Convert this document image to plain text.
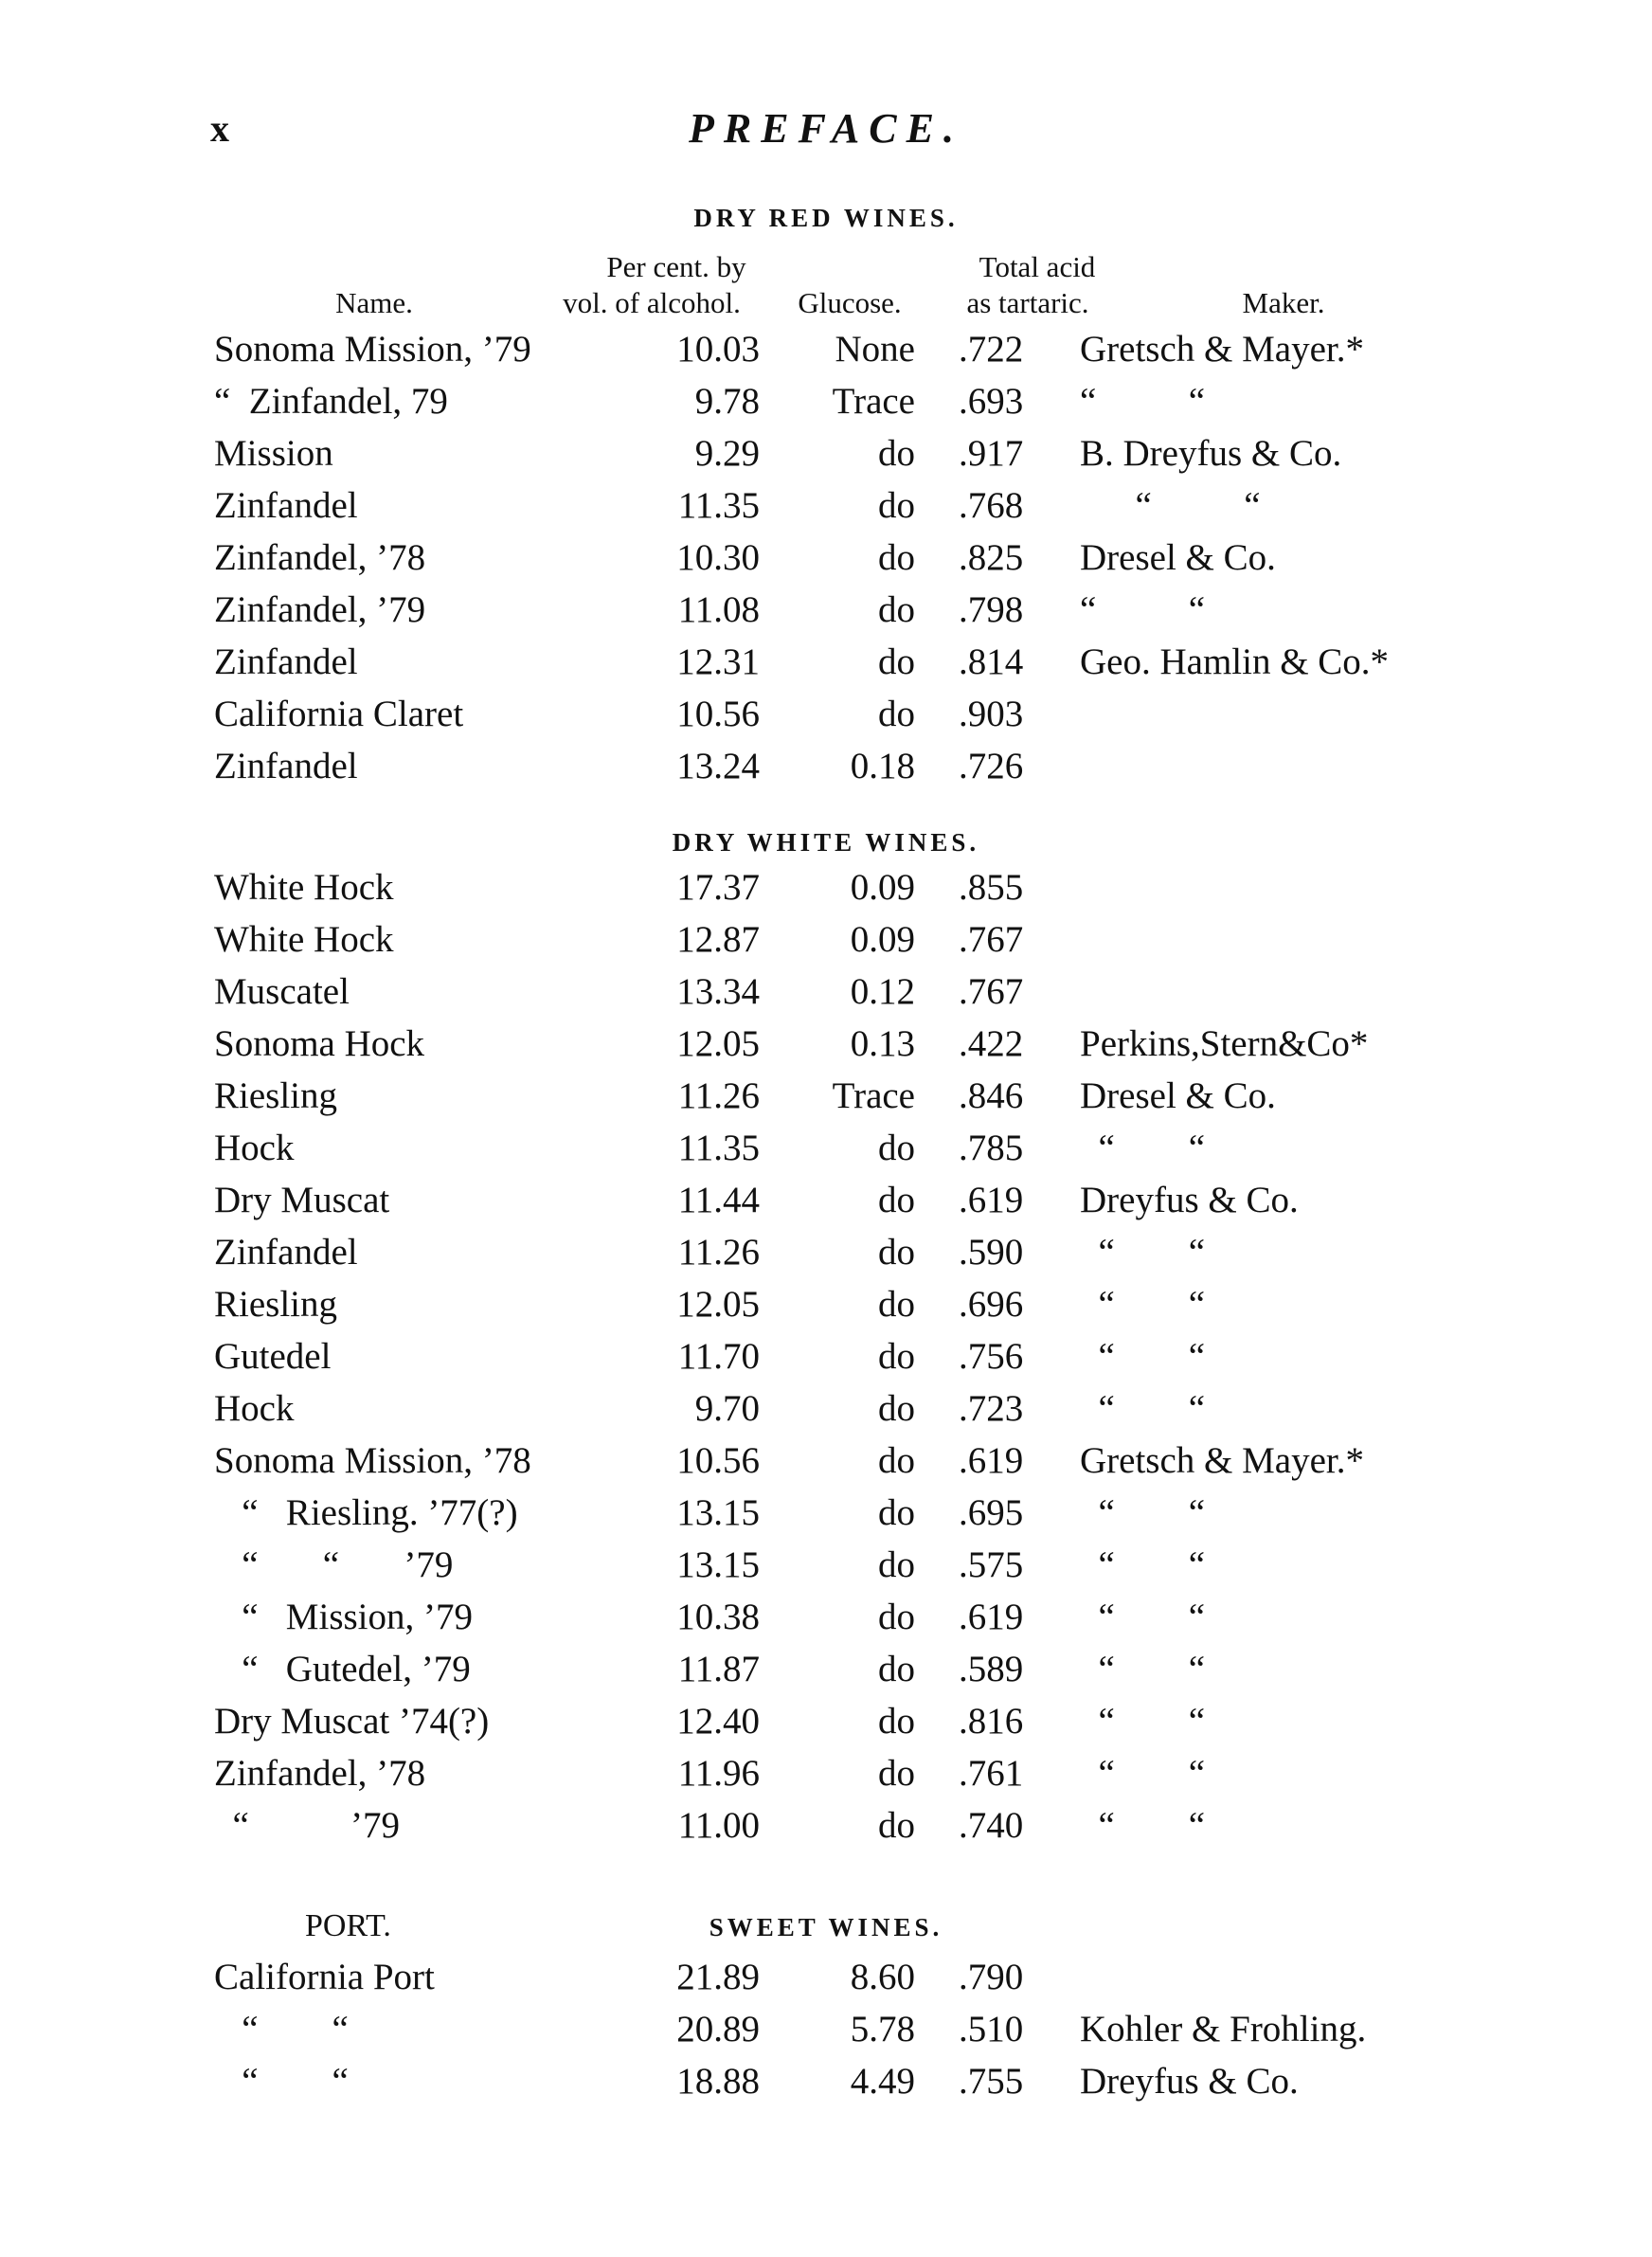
x	PREFACE.
DRY RED WINES.
Per cent. by	Total acid
Name.	vol. of alcohol.	Glucose.	as tartaric.	Maker.
Sonoma Mission, ’79	10.03 None .722 Gretsch & Mayer.*
“  Zinfandel, 79	9.78 Trace .693 “          “
Mission	9.29	do .917 B. Dreyfus & Co.
Zinfandel	11.35	do .768 “          “
Zinfandel, ’78	10.30	do .825 Dresel & Co.
Zinfandel, ’79	11.08	do .798 “          “
Zinfandel	12.31	do .814 Geo. Hamlin & Co.*
California Claret	10.56	do .903
Zinfandel	13.24 0.18 .726
DRY WHITE WINES.
White Hock	17.37 0.09 .855
White Hock	12.87 0.09 .767
Muscatel	13.34 0.12 .767
Sonoma Hock	12.05 0.13 .422 Perkins,Stern&Co*
Riesling	11.26 Trace .846 Dresel & Co.
Hock	11.35	do .785 “        “
Dry Muscat	11.44	do .619 Dreyfus & Co.
Zinfandel	11.26	do .590 “        “
Riesling	12.05	do .696 “        “
Gutedel	11.70	do .756 “        “
Hock	9.70	do .723 “        “
Sonoma Mission, ’78	10.56	do .619 Gretsch & Mayer.*
“   Riesling. ’77(?)	13.15	do .695 “        “
“       “       ’79	13.15	do .575 “        “
“   Mission, ’79	10.38	do .619 “        “
“   Gutedel, ’79	11.87	do .589 “        “
Dry Muscat ’74(?)	12.40	do .816 “        “
Zinfandel, ’78	11.96	do .761 “        “
“           ’79	11.00	do .740 “        “
PORT.	SWEET WINES.
California Port	21.89 8.60 .790
“        “	20.89 5.78 .510 Kohler & Frohling.
“        “	18.88 4.49 .755 Dreyfus & Co.
